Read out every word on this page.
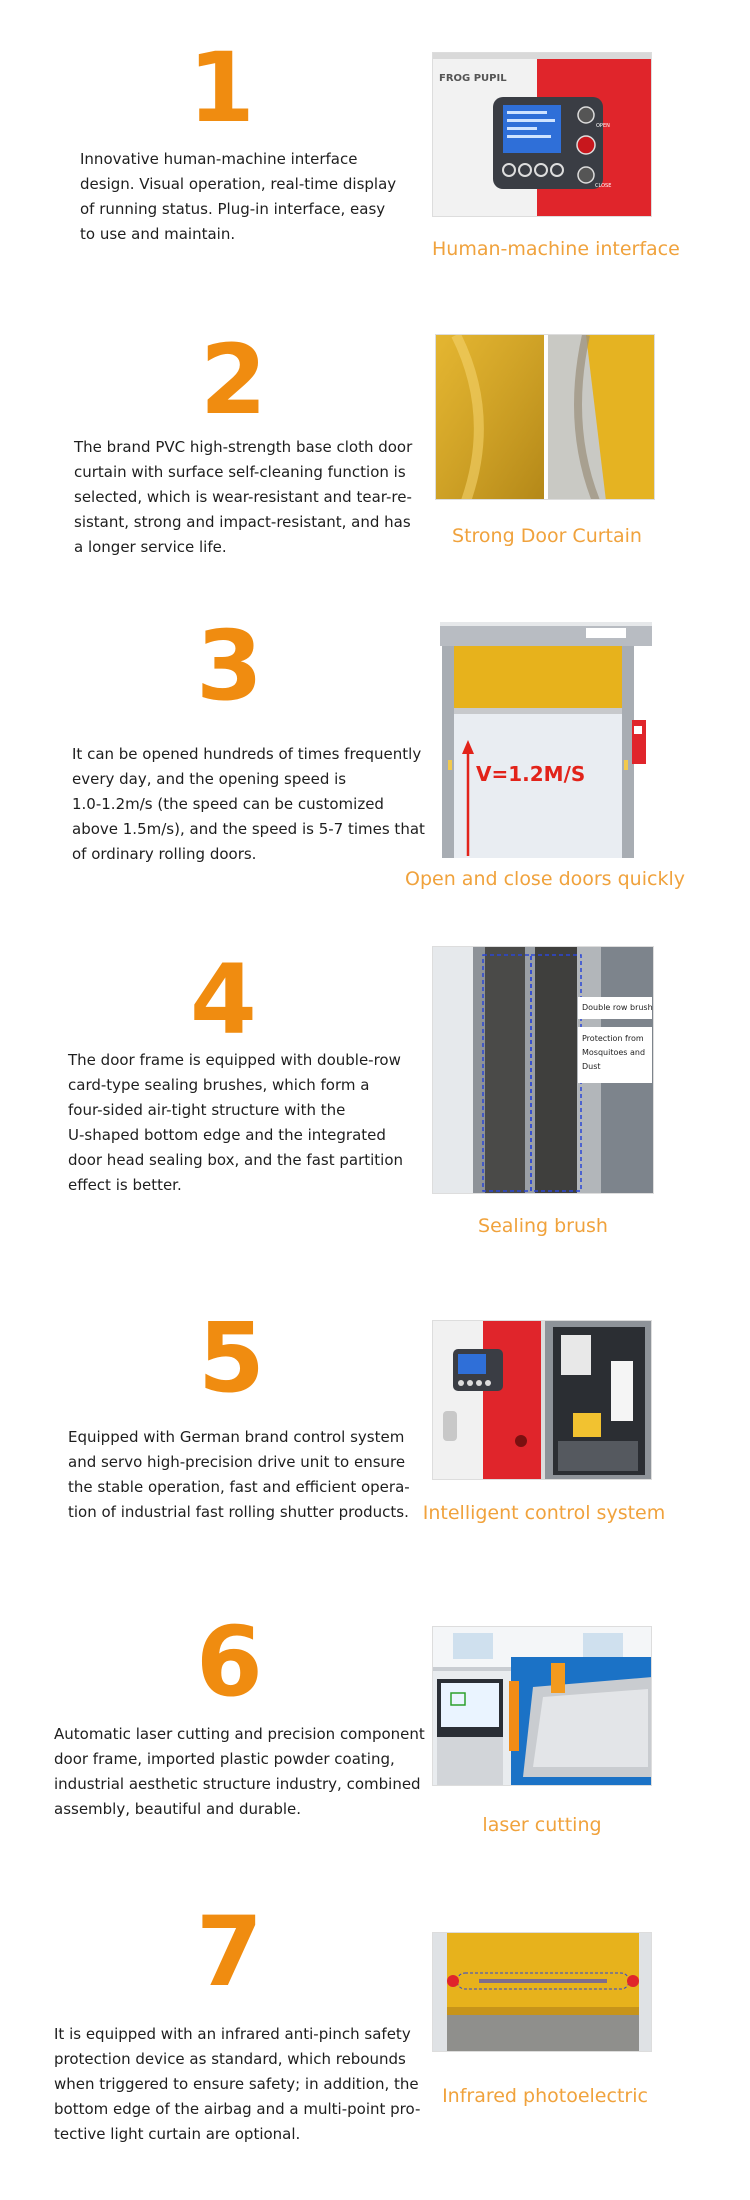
1

Innovative human-machine interface
design. Visual operation, real-time display
of running status. Plug-in interface, easy
to use and maintain.

FROG PUPIL
OPEN
CLOSE
Human-machine interface
2

The brand PVC high-strength base cloth door
curtain with surface self-cleaning function is
selected, which is wear-resistant and tear-re-
sistant, strong and impact-resistant, and has
a longer service life.	Strong Door Curtain
3

It can be opened hundreds of times frequently
every day, and the opening speed is
1.0-1.2m/s (the speed can be customized
above 1.5m/s), and the speed is 5-7 times that
of ordinary rolling doors.

V=1.2M/S
Open and close doors quickly
4

The door frame is equipped with double-row
card-type sealing brushes, which form a
four-sided air-tight structure with the
U-shaped bottom edge and the integrated
door head sealing box, and the fast partition
effect is better.

Double row brush
Protection from
Mosquitoes and
Dust
Sealing brush
5

Equipped with German brand control system
and servo high-precision drive unit to ensure
the stable operation, fast and efficient opera-
tion of industrial fast rolling shutter products. Intelligent control system
6

Automatic laser cutting and precision component
door frame, imported plastic powder coating,
industrial aesthetic structure industry, combined
assembly, beautiful and durable.

laser cutting
7

It is equipped with an infrared anti-pinch safety
protection device as standard, which rebounds
when triggered to ensure safety; in addition, the
bottom edge of the airbag and a multi-point pro-
tective light curtain are optional.

Infrared photoelectric
